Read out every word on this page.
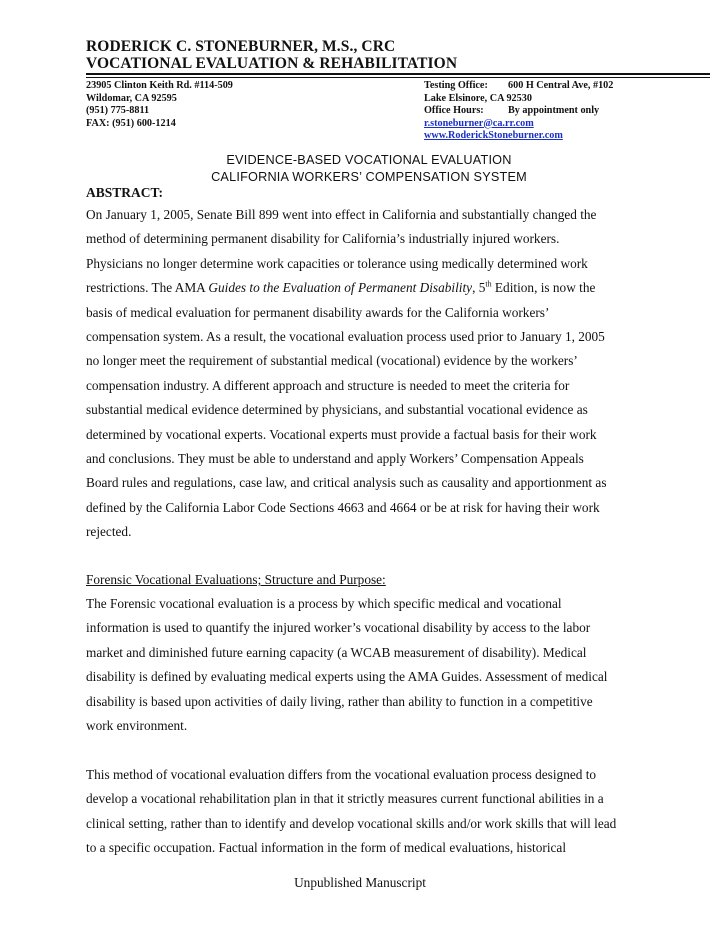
RODERICK C. STONEBURNER, M.S., CRC
VOCATIONAL EVALUATION & REHABILITATION
23905 Clinton Keith Rd. #114-509
Wildomar, CA 92595
(951) 775-8811
FAX: (951) 600-1214
Testing Office: 600 H Central Ave, #102
Lake Elsinore, CA 92530
Office Hours: By appointment only
r.stoneburner@ca.rr.com
www.RoderickStoneburner.com
EVIDENCE-BASED VOCATIONAL EVALUATION
CALIFORNIA WORKERS’ COMPENSATION SYSTEM
ABSTRACT:
On January 1, 2005, Senate Bill 899 went into effect in California and substantially changed the
method of determining permanent disability for California’s industrially injured workers.
Physicians no longer determine work capacities or tolerance using medically determined work
restrictions. The AMA Guides to the Evaluation of Permanent Disability, 5th Edition, is now the
basis of medical evaluation for permanent disability awards for the California workers’
compensation system. As a result, the vocational evaluation process used prior to January 1, 2005
no longer meet the requirement of substantial medical (vocational) evidence by the workers’
compensation industry. A different approach and structure is needed to meet the criteria for
substantial medical evidence determined by physicians, and substantial vocational evidence as
determined by vocational experts. Vocational experts must provide a factual basis for their work
and conclusions. They must be able to understand and apply Workers’ Compensation Appeals
Board rules and regulations, case law, and critical analysis such as causality and apportionment as
defined by the California Labor Code Sections 4663 and 4664 or be at risk for having their work
rejected.
Forensic Vocational Evaluations; Structure and Purpose:
The Forensic vocational evaluation is a process by which specific medical and vocational
information is used to quantify the injured worker’s vocational disability by access to the labor
market and diminished future earning capacity (a WCAB measurement of disability). Medical
disability is defined by evaluating medical experts using the AMA Guides. Assessment of medical
disability is based upon activities of daily living, rather than ability to function in a competitive
work environment.
This method of vocational evaluation differs from the vocational evaluation process designed to
develop a vocational rehabilitation plan in that it strictly measures current functional abilities in a
clinical setting, rather than to identify and develop vocational skills and/or work skills that will lead
to a specific occupation. Factual information in the form of medical evaluations, historical
Unpublished Manuscript
